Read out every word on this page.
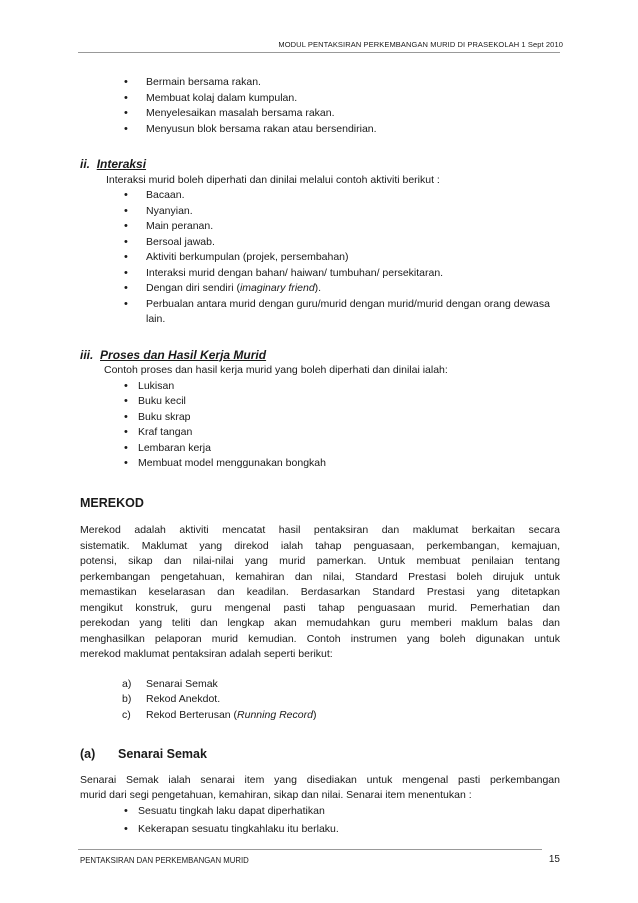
MODUL PENTAKSIRAN PERKEMBANGAN MURID DI PRASEKOLAH 1 Sept 2010
• Bermain bersama rakan.
• Membuat kolaj dalam kumpulan.
• Menyelesaikan masalah bersama rakan.
• Menyusun blok bersama rakan atau bersendirian.

ii. Interaksi

Interaksi murid boleh diperhati dan dinilai melalui contoh aktiviti berikut :

• Bacaan.
• Nyanyian.
• Main peranan.
• Bersoal jawab.
• Aktiviti berkumpulan (projek, persembahan)
• Interaksi murid dengan bahan/ haiwan/ tumbuhan/ persekitaran.
• Dengan diri sendiri (imaginary friend).
• Perbualan antara murid dengan guru/murid dengan murid/murid dengan orang dewasa
lain.

iii. Proses dan Hasil Kerja Murid

Contoh proses dan hasil kerja murid yang boleh diperhati dan dinilai ialah:

• Lukisan
• Buku kecil
• Buku skrap
• Kraf tangan
• Lembaran kerja
• Membuat model menggunakan bongkah

MEREKOD

Merekod adalah aktiviti mencatat hasil pentaksiran dan maklumat berkaitan secara
sistematik. Maklumat yang direkod ialah tahap penguasaan, perkembangan, kemajuan,
potensi, sikap dan nilai-nilai yang murid pamerkan. Untuk membuat penilaian tentang
perkembangan pengetahuan, kemahiran dan nilai, Standard Prestasi boleh dirujuk untuk
memastikan keselarasan dan keadilan. Berdasarkan Standard Prestasi yang ditetapkan
mengikut konstruk, guru mengenal pasti tahap penguasaan murid. Pemerhatian dan
perekodan yang teliti dan lengkap akan memudahkan guru memberi maklum balas dan
menghasilkan pelaporan murid kemudian. Contoh instrumen yang boleh digunakan untuk
merekod maklumat pentaksiran adalah seperti berikut:
a) Senarai Semak
b) Rekod Anekdot.
c) Rekod Berterusan (Running Record)

(a) Senarai Semak

Senarai Semak ialah senarai item yang disediakan untuk mengenal pasti perkembangan
murid dari segi pengetahuan, kemahiran, sikap dan nilai. Senarai item menentukan :
• Sesuatu tingkah laku dapat diperhatikan
• Kekerapan sesuatu tingkahlaku itu berlaku.
PENTAKSIRAN DAN PERKEMBANGAN MURID	15
